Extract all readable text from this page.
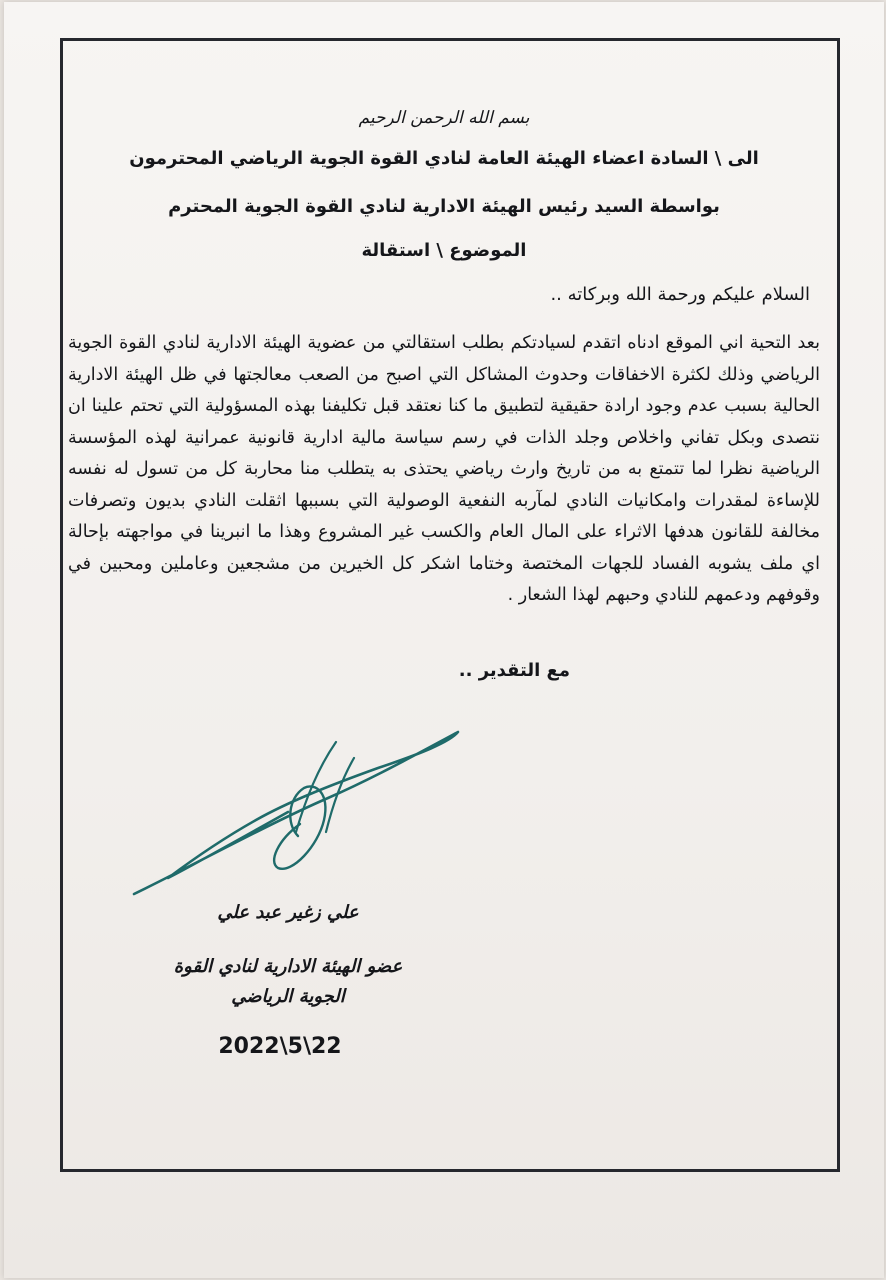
بسم الله الرحمن الرحيم
الى \ السادة اعضاء الهيئة العامة لنادي القوة الجوية الرياضي المحترمون
بواسطة السيد رئيس الهيئة الادارية لنادي القوة الجوية المحترم
الموضوع \ استقالة
السلام عليكم ورحمة الله وبركاته ..
بعد التحية اني الموقع ادناه اتقدم لسيادتكم بطلب استقالتي من عضوية الهيئة الادارية لنادي القوة الجوية الرياضي وذلك لكثرة الاخفاقات وحدوث المشاكل التي اصبح من الصعب معالجتها في ظل الهيئة الادارية الحالية بسبب عدم وجود ارادة حقيقية لتطبيق ما كنا نعتقد قبل تكليفنا بهذه المسؤولية التي تحتم علينا ان نتصدى وبكل تفاني واخلاص وجلد الذات في رسم سياسة مالية ادارية قانونية عمرانية لهذه المؤسسة الرياضية نظرا لما تتمتع به من تاريخ وارث رياضي يحتذى به يتطلب منا محاربة كل من تسول له نفسه للإساءة لمقدرات وامكانيات النادي لمآربه النفعية الوصولية التي بسببها اثقلت النادي بديون وتصرفات مخالفة للقانون هدفها الاثراء على المال العام والكسب غير المشروع وهذا ما انبرينا في مواجهته بإحالة اي ملف يشوبه الفساد للجهات المختصة وختاما اشكر كل الخيرين من مشجعين وعاملين ومحبين في وقوفهم ودعمهم للنادي وحبهم لهذا الشعار .
مع التقدير ..
علي زغير عبد علي
عضو الهيئة الادارية لنادي القوة
الجوية الرياضي
2022\5\22
